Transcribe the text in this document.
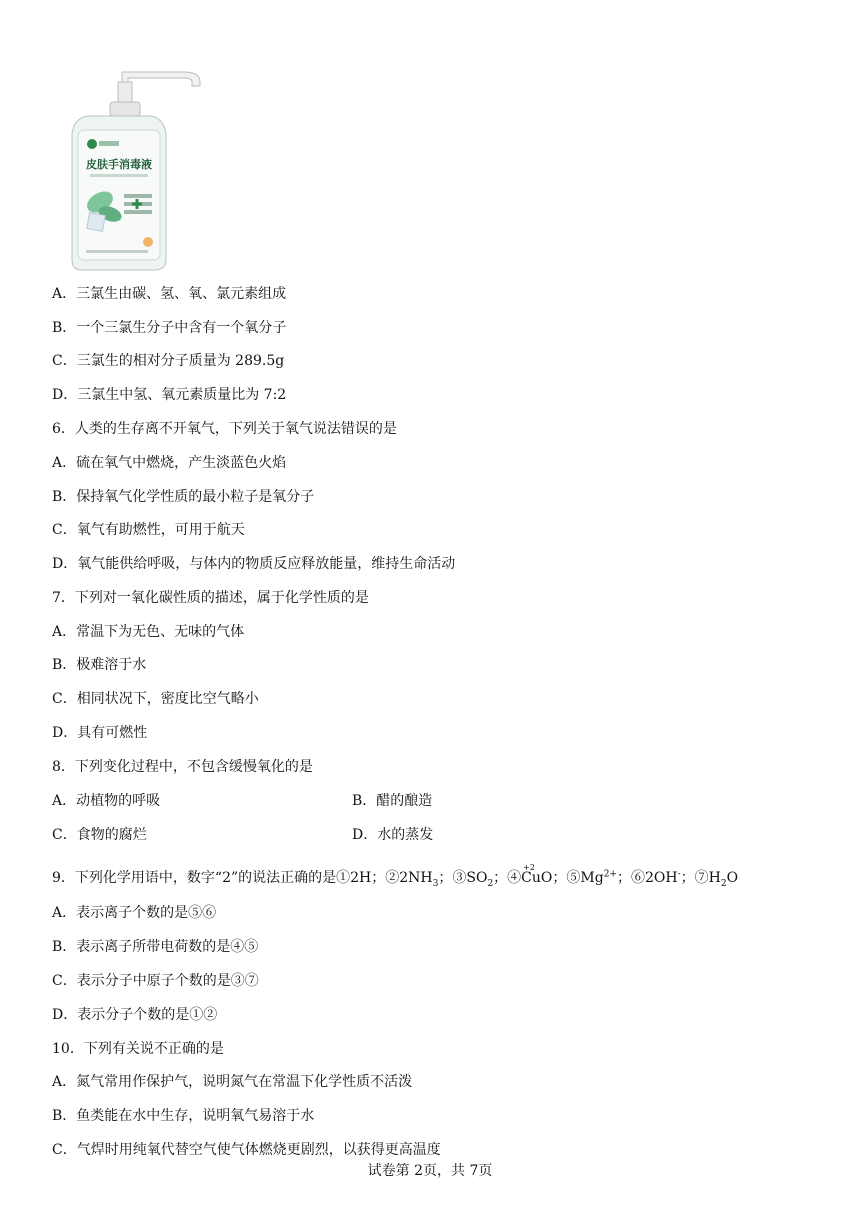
皮肤手消毒液
A．三氯生由碳、氢、氧、氯元素组成
B．一个三氯生分子中含有一个氧分子
C．三氯生的相对分子质量为 289.5g
D．三氯生中氢、氧元素质量比为 7:2
6．人类的生存离不开氧气，下列关于氧气说法错误的是
A．硫在氧气中燃烧，产生淡蓝色火焰
B．保持氧气化学性质的最小粒子是氧分子
C．氧气有助燃性，可用于航天
D．氧气能供给呼吸，与体内的物质反应释放能量，维持生命活动
7．下列对一氧化碳性质的描述，属于化学性质的是
A．常温下为无色、无味的气体
B．极难溶于水
C．相同状况下，密度比空气略小
D．具有可燃性
8．下列变化过程中，不包含缓慢氧化的是
A．动植物的呼吸	B．醋的酿造
C．食物的腐烂	D．水的蒸发
9．下列化学用语中，数字“2”的说法正确的是①2H；$②2NH_3$；$③SO_2$；④
+2
CuO；$⑤Mg^{2+}$；⑥2OH-；$⑦H_2O$
A．表示离子个数的是⑤⑥
B．表示离子所带电荷数的是④⑤
C．表示分子中原子个数的是③⑦
D．表示分子个数的是①②
10．下列有关说不正确的是
A．氮气常用作保护气，说明氮气在常温下化学性质不活泼
B．鱼类能在水中生存，说明氧气易溶于水
C．气焊时用纯氧代替空气使气体燃烧更剧烈，以获得更高温度
试卷第 2页，共 7页
